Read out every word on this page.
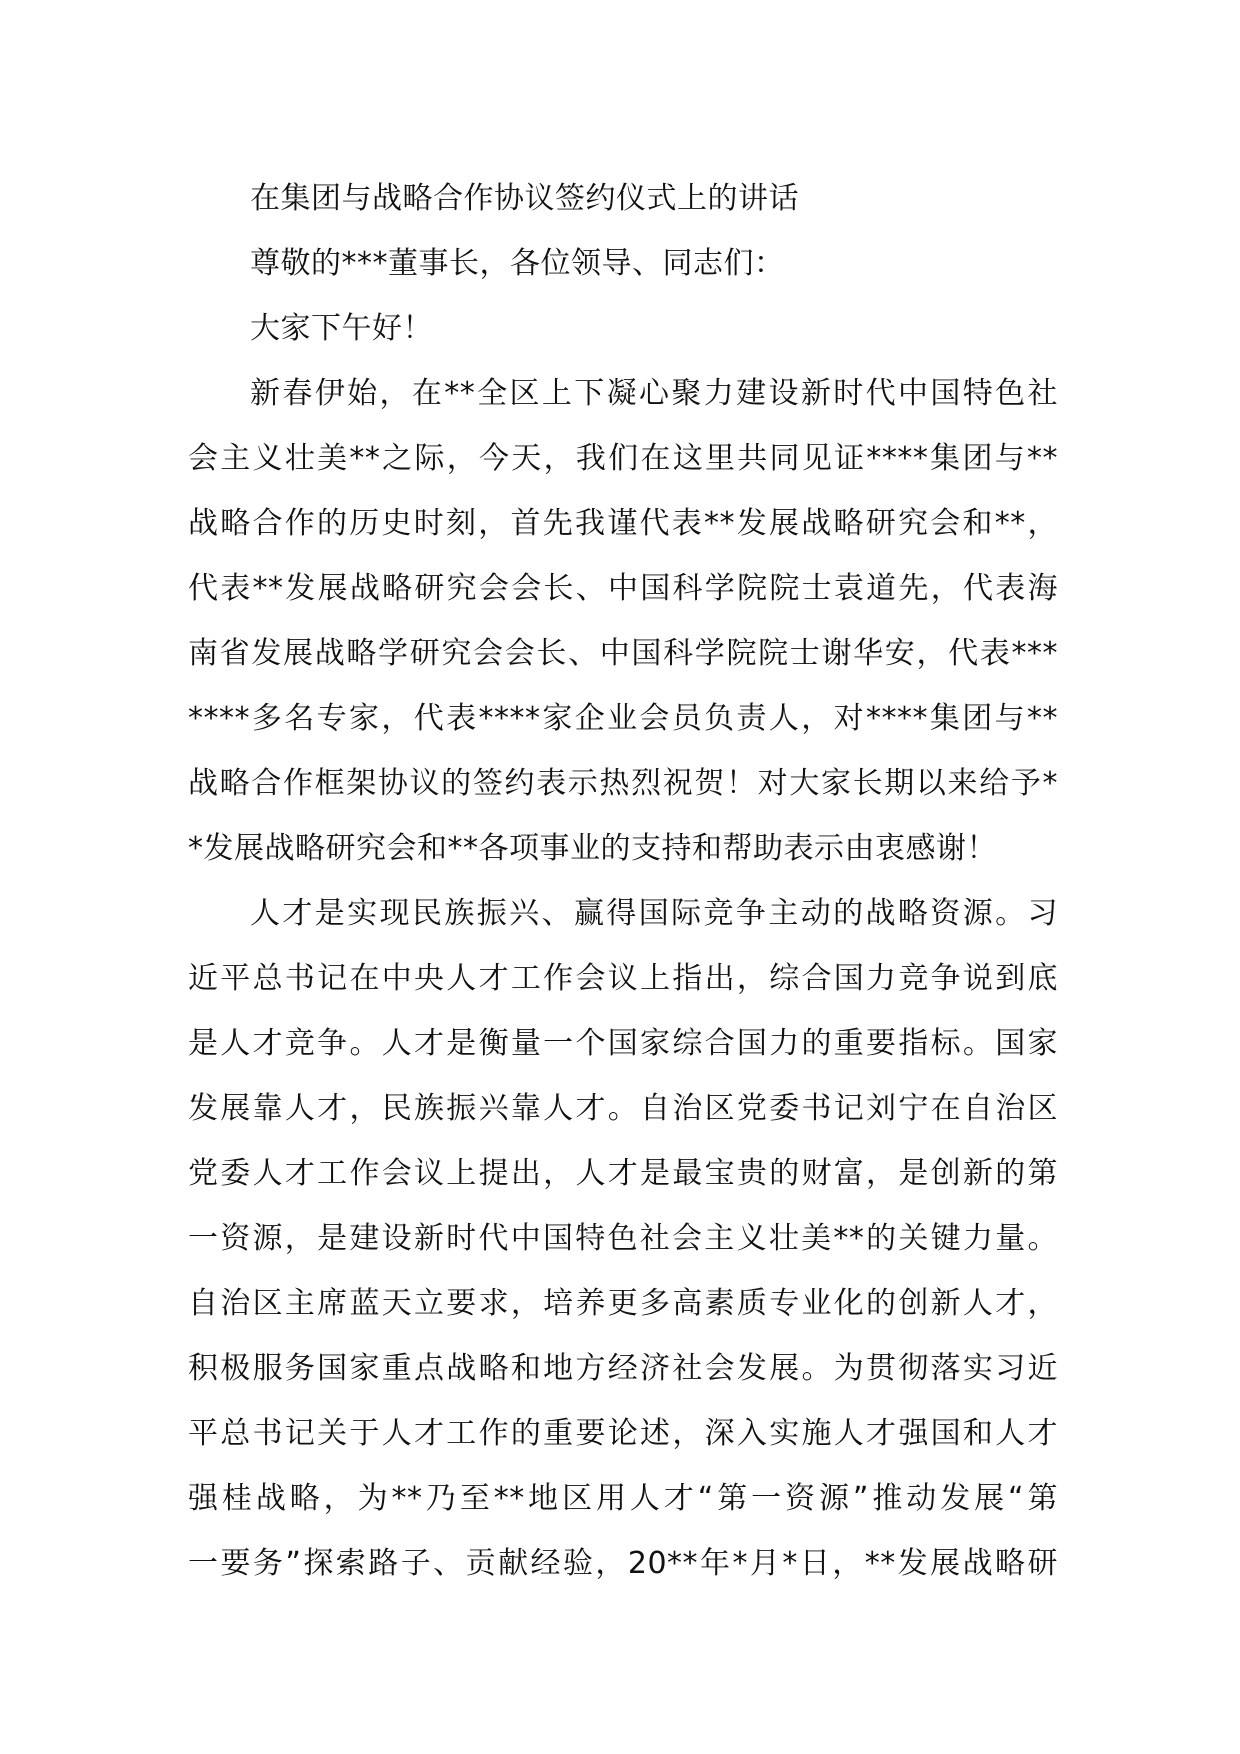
在集团与战略合作协议签约仪式上的讲话
尊敬的***董事长，各位领导、同志们：
大家下午好！
新春伊始，在**全区上下凝心聚力建设新时代中国特色社
会主义壮美**之际，今天，我们在这里共同见证****集团与**
战略合作的历史时刻，首先我谨代表**发展战略研究会和**，
代表**发展战略研究会会长、中国科学院院士袁道先，代表海
南省发展战略学研究会会长、中国科学院院士谢华安，代表***
****多名专家，代表****家企业会员负责人，对****集团与**
战略合作框架协议的签约表示热烈祝贺！对大家长期以来给予*
*发展战略研究会和**各项事业的支持和帮助表示由衷感谢！
人才是实现民族振兴、赢得国际竞争主动的战略资源。习
近平总书记在中央人才工作会议上指出，综合国力竞争说到底
是人才竞争。人才是衡量一个国家综合国力的重要指标。国家
发展靠人才，民族振兴靠人才。自治区党委书记刘宁在自治区
党委人才工作会议上提出，人才是最宝贵的财富，是创新的第
一资源，是建设新时代中国特色社会主义壮美**的关键力量。
自治区主席蓝天立要求，培养更多高素质专业化的创新人才，
积极服务国家重点战略和地方经济社会发展。为贯彻落实习近
平总书记关于人才工作的重要论述，深入实施人才强国和人才
强桂战略，为**乃至**地区用人才“第一资源”推动发展“第
一要务”探索路子、贡献经验，20**年*月*日，**发展战略研
